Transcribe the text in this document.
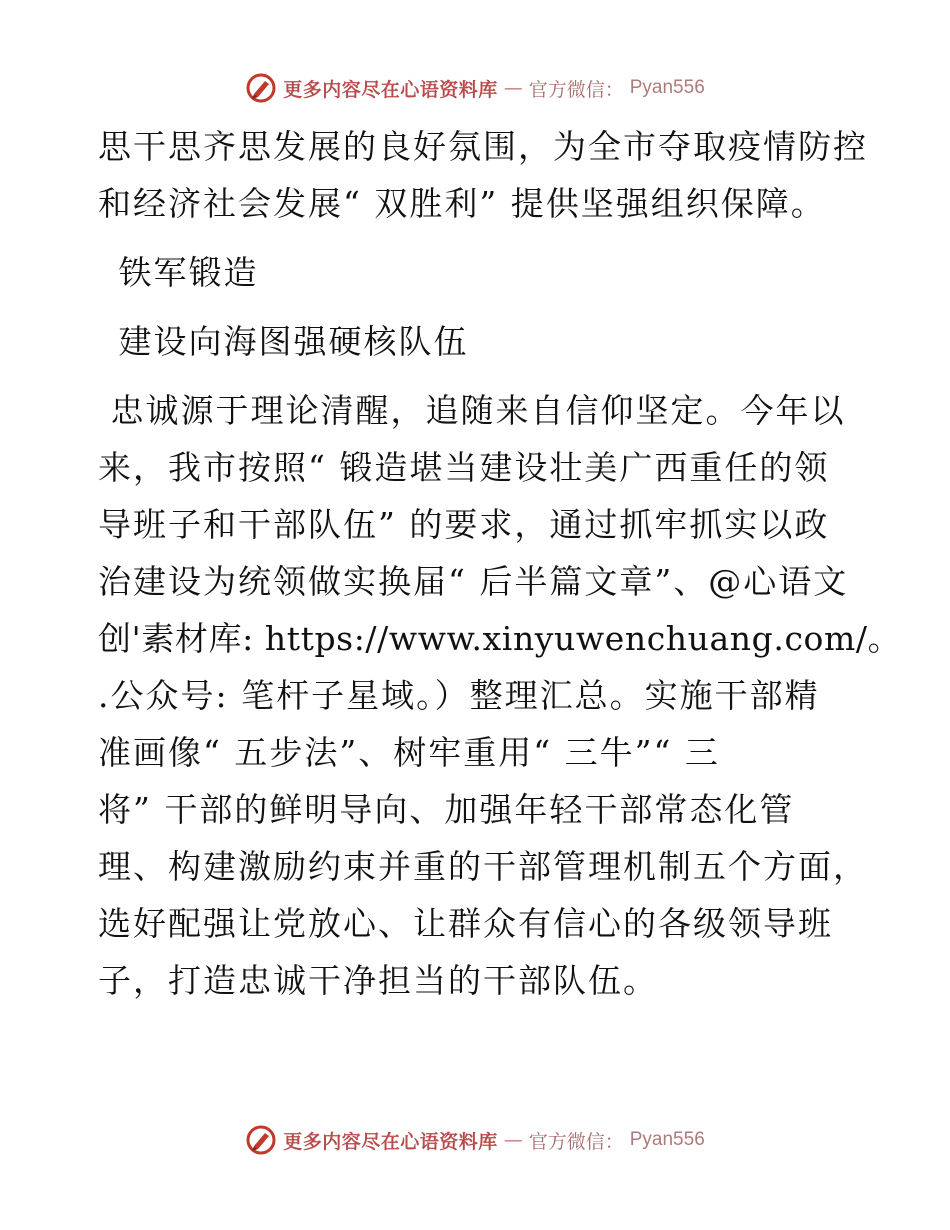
更多内容尽在心语资料库 — 官方微信： Pyan556
思干思齐思发展的良好氛围，为全市夺取疫情防控
和经济社会发展“ 双胜利” 提供坚强组织保障。
铁军锻造
建设向海图强硬核队伍
忠诚源于理论清醒，追随来自信仰坚定。今年以
来，我市按照“ 锻造堪当建设壮美广西重任的领
导班子和干部队伍” 的要求，通过抓牢抓实以政
治建设为统领做实换届“ 后半篇文章”、@心语文
创'素材库: https://www.xinyuwenchuang.com/。
.公众号: 笔杆子星域。）整理汇总。实施干部精
准画像“ 五步法”、树牢重用“ 三牛”“ 三
将” 干部的鲜明导向、加强年轻干部常态化管
理、构建激励约束并重的干部管理机制五个方面，
选好配强让党放心、让群众有信心的各级领导班
子，打造忠诚干净担当的干部队伍。
更多内容尽在心语资料库 — 官方微信： Pyan556
